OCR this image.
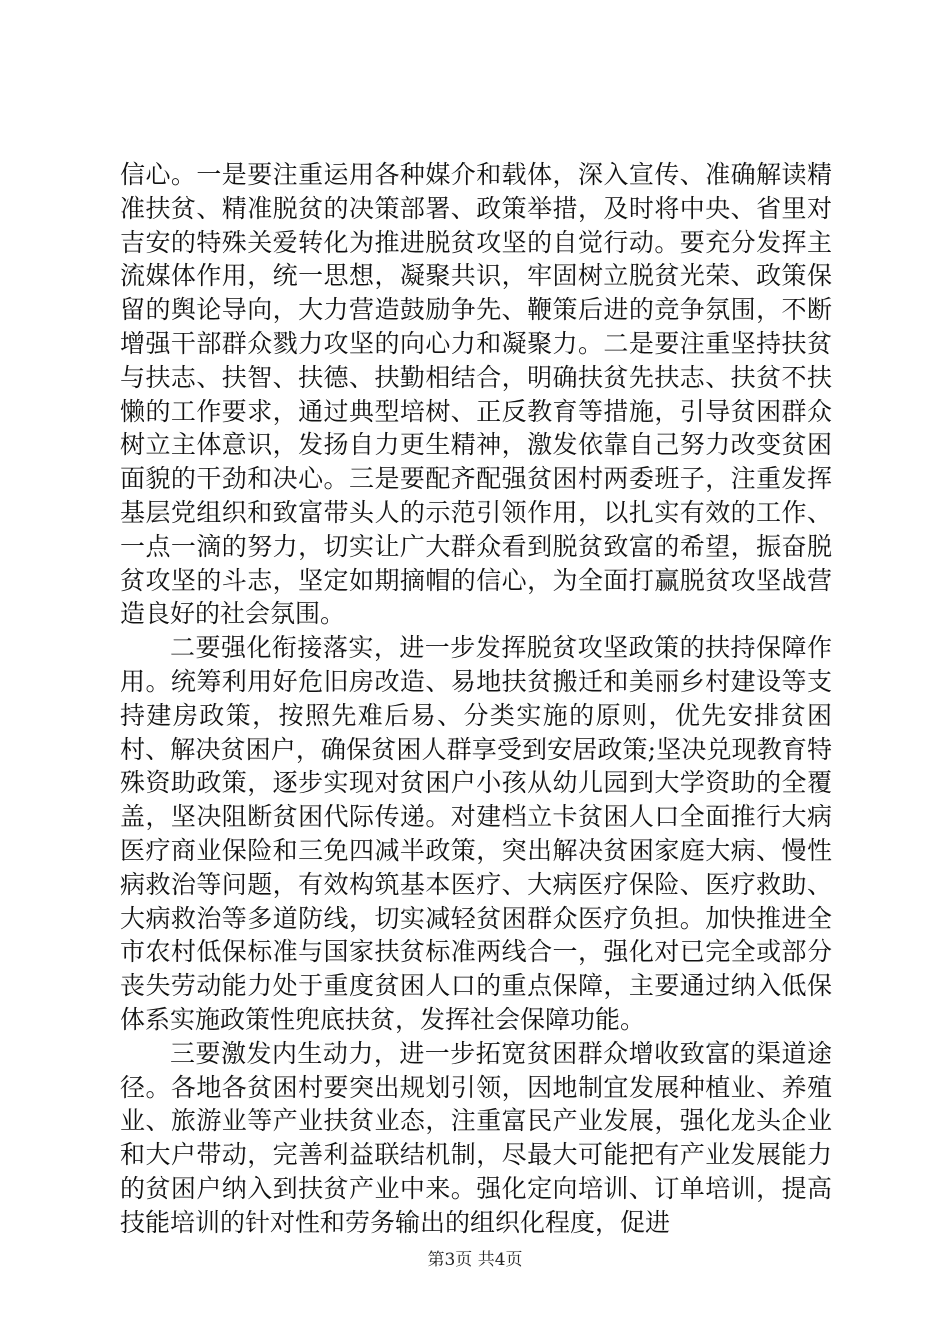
信心。一是要注重运用各种媒介和载体，深入宣传、准确解读精准扶贫、精准脱贫的决策部署、政策举措，及时将中央、省里对吉安的特殊关爱转化为推进脱贫攻坚的自觉行动。要充分发挥主流媒体作用，统一思想，凝聚共识，牢固树立脱贫光荣、政策保留的舆论导向，大力营造鼓励争先、鞭策后进的竞争氛围，不断增强干部群众戮力攻坚的向心力和凝聚力。二是要注重坚持扶贫与扶志、扶智、扶德、扶勤相结合，明确扶贫先扶志、扶贫不扶懒的工作要求，通过典型培树、正反教育等措施，引导贫困群众树立主体意识，发扬自力更生精神，激发依靠自己努力改变贫困面貌的干劲和决心。三是要配齐配强贫困村两委班子，注重发挥基层党组织和致富带头人的示范引领作用，以扎实有效的工作、一点一滴的努力，切实让广大群众看到脱贫致富的希望，振奋脱贫攻坚的斗志，坚定如期摘帽的信心，为全面打赢脱贫攻坚战营造良好的社会氛围。

二要强化衔接落实，进一步发挥脱贫攻坚政策的扶持保障作用。统筹利用好危旧房改造、易地扶贫搬迁和美丽乡村建设等支持建房政策，按照先难后易、分类实施的原则，优先安排贫困村、解决贫困户，确保贫困人群享受到安居政策;坚决兑现教育特殊资助政策，逐步实现对贫困户小孩从幼儿园到大学资助的全覆盖，坚决阻断贫困代际传递。对建档立卡贫困人口全面推行大病医疗商业保险和三免四减半政策，突出解决贫困家庭大病、慢性病救治等问题，有效构筑基本医疗、大病医疗保险、医疗救助、大病救治等多道防线，切实减轻贫困群众医疗负担。加快推进全市农村低保标准与国家扶贫标准两线合一，强化对已完全或部分丧失劳动能力处于重度贫困人口的重点保障，主要通过纳入低保体系实施政策性兜底扶贫，发挥社会保障功能。

三要激发内生动力，进一步拓宽贫困群众增收致富的渠道途径。各地各贫困村要突出规划引领，因地制宜发展种植业、养殖业、旅游业等产业扶贫业态，注重富民产业发展，强化龙头企业和大户带动，完善利益联结机制，尽最大可能把有产业发展能力的贫困户纳入到扶贫产业中来。强化定向培训、订单培训，提高技能培训的针对性和劳务输出的组织化程度，促进

第3页 共4页
